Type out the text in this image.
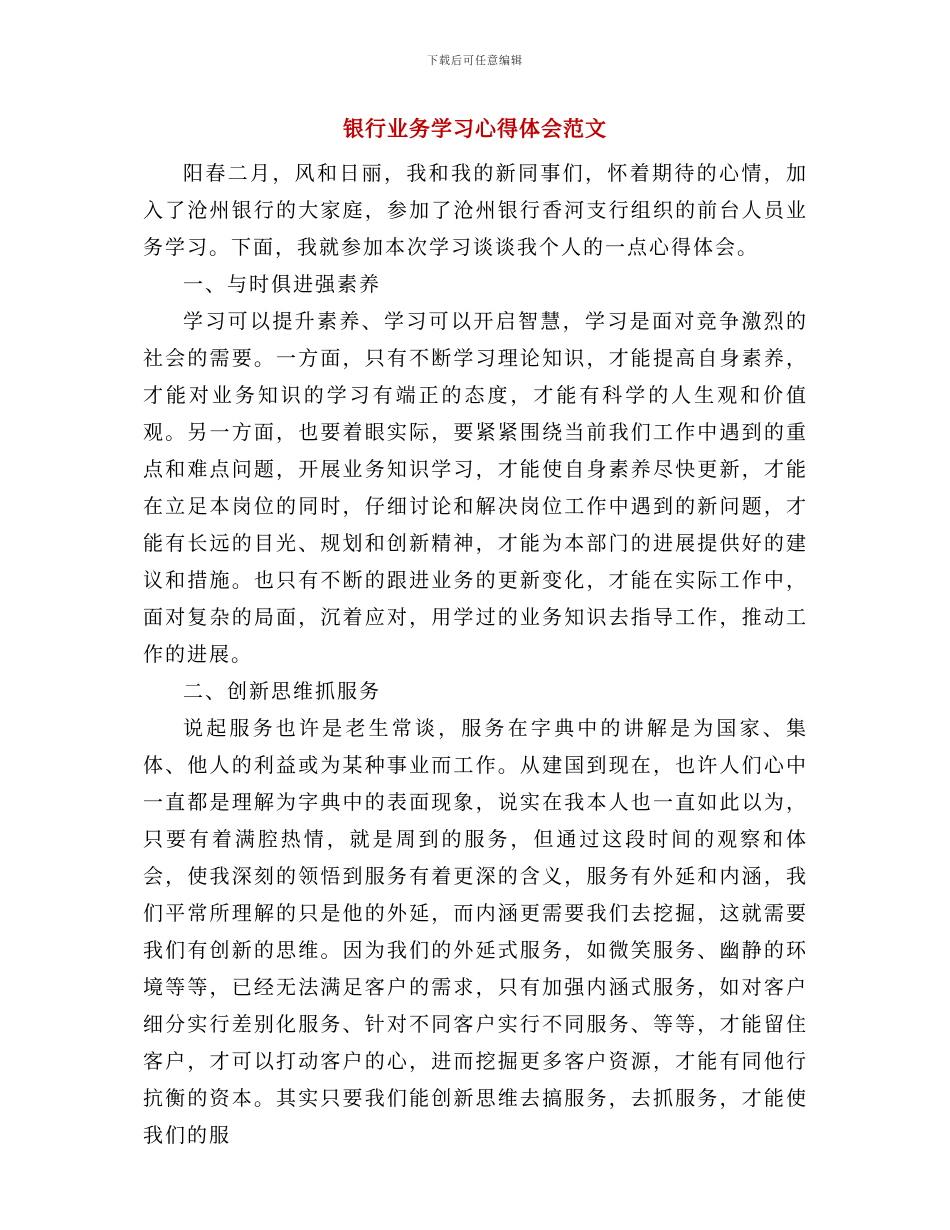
下载后可任意编辑
银行业务学习心得体会范文

阳春二月，风和日丽，我和我的新同事们，怀着期待的心情，加入了沧州银行的大家庭，参加了沧州银行香河支行组织的前台人员业务学习。下面，我就参加本次学习谈谈我个人的一点心得体会。

一、与时俱进强素养

学习可以提升素养、学习可以开启智慧，学习是面对竞争激烈的社会的需要。一方面，只有不断学习理论知识，才能提高自身素养，才能对业务知识的学习有端正的态度，才能有科学的人生观和价值观。另一方面，也要着眼实际，要紧紧围绕当前我们工作中遇到的重点和难点问题，开展业务知识学习，才能使自身素养尽快更新，才能在立足本岗位的同时，仔细讨论和解决岗位工作中遇到的新问题，才能有长远的目光、规划和创新精神，才能为本部门的进展提供好的建议和措施。也只有不断的跟进业务的更新变化，才能在实际工作中，面对复杂的局面，沉着应对，用学过的业务知识去指导工作，推动工作的进展。

二、创新思维抓服务

说起服务也许是老生常谈，服务在字典中的讲解是为国家、集体、他人的利益或为某种事业而工作。从建国到现在，也许人们心中一直都是理解为字典中的表面现象，说实在我本人也一直如此以为，只要有着满腔热情，就是周到的服务，但通过这段时间的观察和体会，使我深刻的领悟到服务有着更深的含义，服务有外延和内涵，我们平常所理解的只是他的外延，而内涵更需要我们去挖掘，这就需要我们有创新的思维。因为我们的外延式服务，如微笑服务、幽静的环境等等，已经无法满足客户的需求，只有加强内涵式服务，如对客户细分实行差别化服务、针对不同客户实行不同服务、等等，才能留住客户，才可以打动客户的心，进而挖掘更多客户资源，才能有同他行抗衡的资本。其实只要我们能创新思维去搞服务，去抓服务，才能使我们的服
